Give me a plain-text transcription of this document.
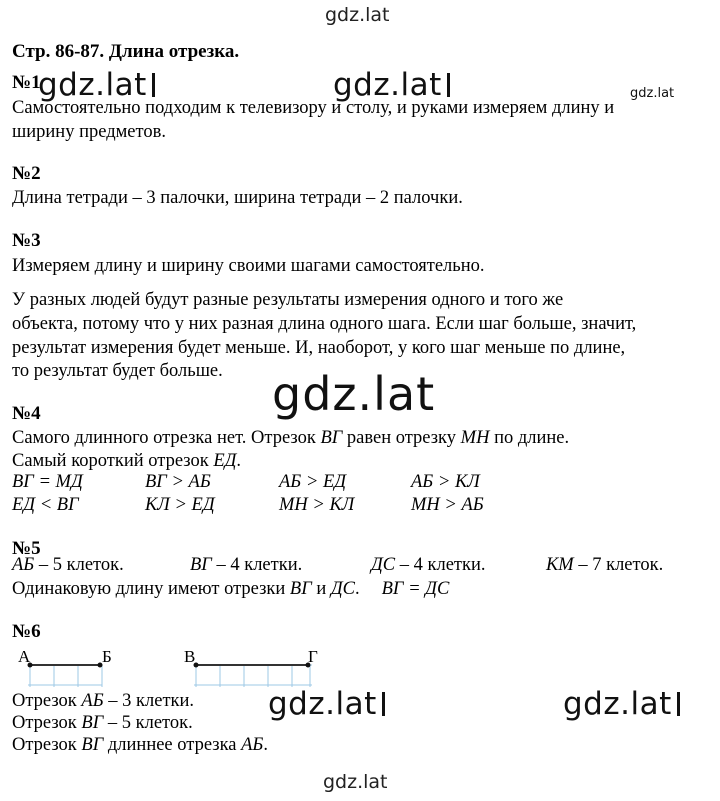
gdz.lat
gdz.lat	gdz.lat	gdz.lat
gdz.lat
gdz.lat	gdz.lat
gdz.lat
Стр. 86-87. Длина отрезка.
№1
Самостоятельно подходим к телевизору и столу, и руками измеряем длину и
ширину предметов.
№2
Длина тетради – 3 палочки, ширина тетради – 2 палочки.
№3
Измеряем длину и ширину своими шагами самостоятельно.
У разных людей будут разные результаты измерения одного и того же
объекта, потому что у них разная длина одного шага. Если шаг больше, значит,
результат измерения будет меньше. И, наоборот, у кого шаг меньше по длине,
то результат будет больше.
№4
Самого длинного отрезка нет. Отрезок ВГ равен отрезку МН по длине.
Самый короткий отрезок ЕД.
ВГ = МД	ВГ > АБ	АБ > ЕД	АБ > КЛ
ЕД < ВГ	КЛ > ЕД	МН > КЛ	МН > АБ
№5
АБ – 5 клеток.	ВГ – 4 клетки.	ДС – 4 клетки.	КМ – 7 клеток.
Одинаковую длину имеют отрезки ВГ и ДС. ВГ = ДС
№6
А	Б	В	Г
Отрезок АБ – 3 клетки.
Отрезок ВГ – 5 клеток.
Отрезок ВГ длиннее отрезка АБ.
